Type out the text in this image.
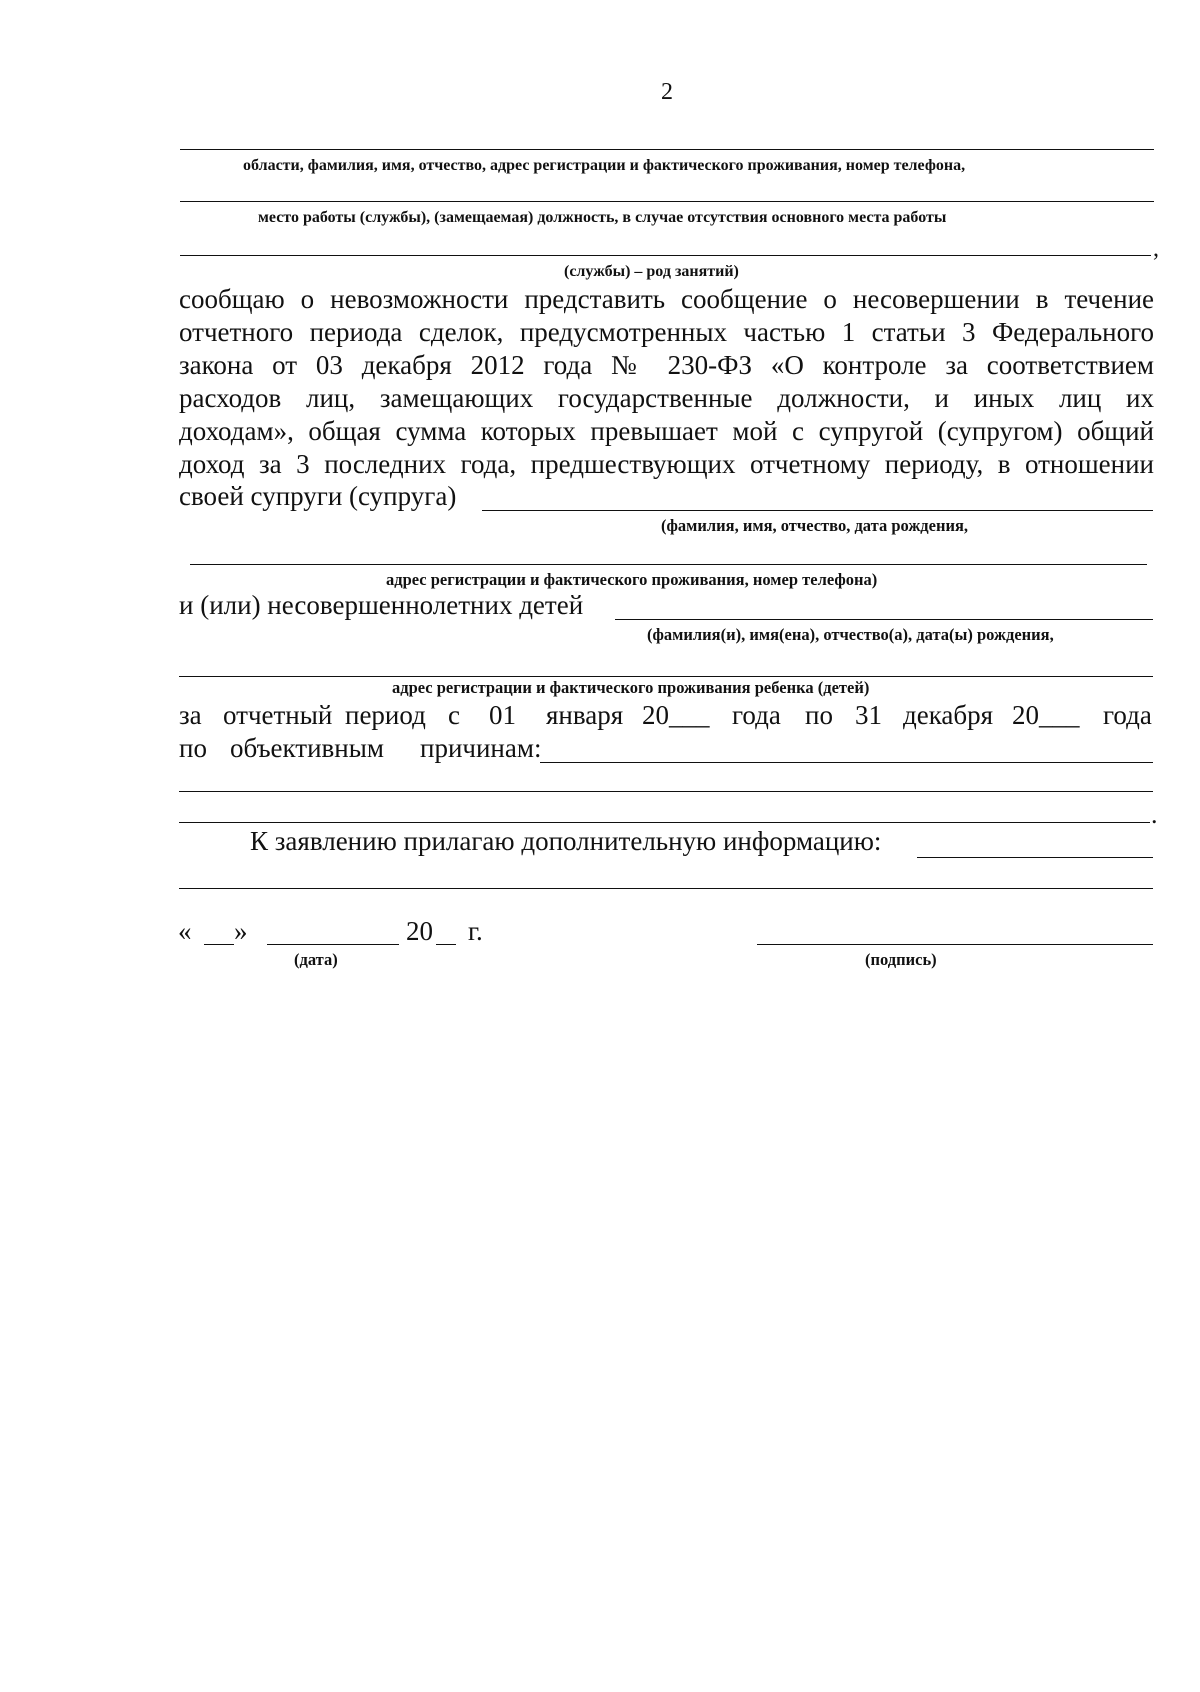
2
области, фамилия, имя, отчество, адрес регистрации и фактического проживания, номер телефона,
место работы (службы), (замещаемая) должность, в случае отсутствия основного места работы
,
(службы) – род занятий)
сообщаю о невозможности представить сообщение о несовершении в течение
отчетного периода сделок, предусмотренных частью 1 статьи 3 Федерального
закона от 03 декабря 2012 года № 230-ФЗ «О контроле за соответствием
расходов лиц, замещающих государственные должности, и иных лиц их
доходам», общая сумма которых превышает мой с супругой (супругом) общий
доход за 3 последних года, предшествующих отчетному периоду, в отношении
своей супруги (супруга)
(фамилия, имя, отчество, дата рождения,
адрес регистрации и фактического проживания, номер телефона)
и (или) несовершеннолетних детей
(фамилия(и), имя(ена), отчество(а), дата(ы) рождения,
адрес регистрации и фактического проживания ребенка (детей)
за отчетный период с 01 января 20___ года по 31 декабря 20___ года
по объективным причинам:
.
К заявлению прилагаю дополнительную информацию:
« »	20 г.
(дата)	(подпись)
